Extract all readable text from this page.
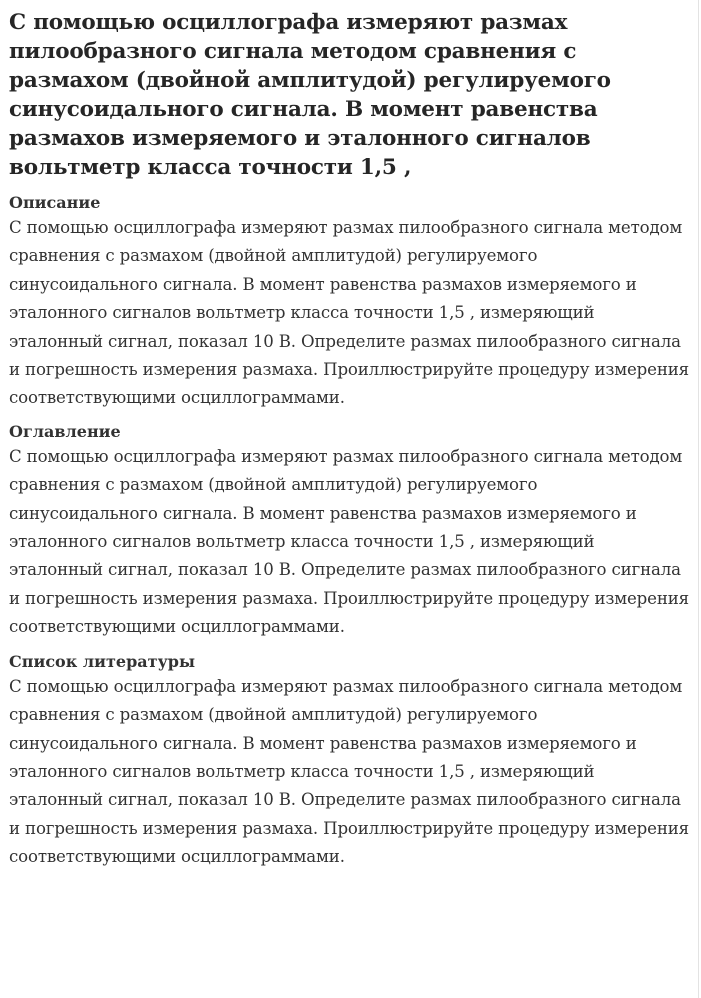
С помощью осциллографа измеряют размах пилообразного сигнала методом сравнения с размахом (двойной амплитудой) регулируемого синусоидального сигнала. В момент равенства размахов измеряемого и эталонного сигналов вольтметр класса точности 1,5 ,
Описание

С помощью осциллографа измеряют размах пилообразного сигнала методом сравнения с размахом (двойной амплитудой) регулируемого синусоидального сигнала. В момент равенства размахов измеряемого и эталонного сигналов вольтметр класса точности 1,5 , измеряющий эталонный сигнал, показал 10 В. Определите размах пилообразного сигнала и погрешность измерения размаха. Проиллюстрируйте процедуру измерения соответствующими осциллограммами.

Оглавление

С помощью осциллографа измеряют размах пилообразного сигнала методом сравнения с размахом (двойной амплитудой) регулируемого синусоидального сигнала. В момент равенства размахов измеряемого и эталонного сигналов вольтметр класса точности 1,5 , измеряющий эталонный сигнал, показал 10 В. Определите размах пилообразного сигнала и погрешность измерения размаха. Проиллюстрируйте процедуру измерения соответствующими осциллограммами.

Список литературы

С помощью осциллографа измеряют размах пилообразного сигнала методом сравнения с размахом (двойной амплитудой) регулируемого синусоидального сигнала. В момент равенства размахов измеряемого и эталонного сигналов вольтметр класса точности 1,5 , измеряющий эталонный сигнал, показал 10 В. Определите размах пилообразного сигнала и погрешность измерения размаха. Проиллюстрируйте процедуру измерения соответствующими осциллограммами.
